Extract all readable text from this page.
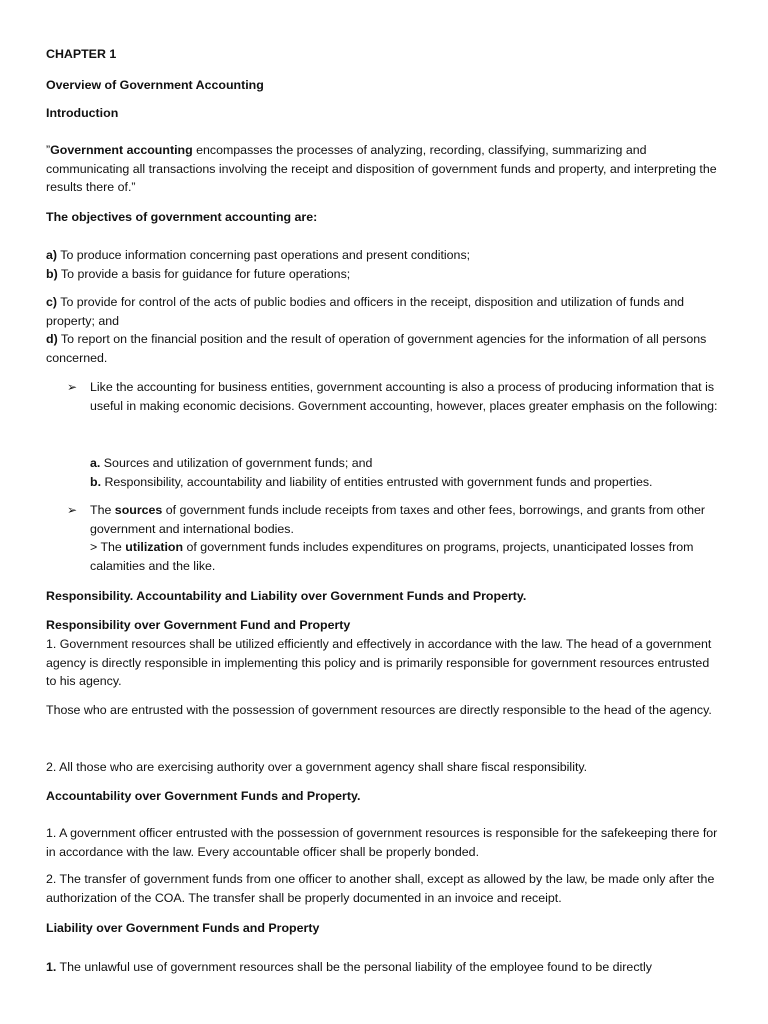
CHAPTER 1

Overview of Government Accounting

Introduction

”Government accounting encompasses the processes of analyzing, recording, classifying, summarizing and communicating all transactions involving the receipt and disposition of government funds and property, and interpreting the results there of.”

The objectives of government accounting are:

a) To produce information concerning past operations and present conditions;
b) To provide a basis for guidance for future operations;
c) To provide for control of the acts of public bodies and officers in the receipt, disposition and utilization of funds and property; and
d) To report on the financial position and the result of operation of government agencies for the information of all persons concerned.
➢	Like the accounting for business entities, government accounting is also a process of producing information that is useful in making economic decisions. Government accounting, however, places greater emphasis on the following:

a. Sources and utilization of government funds; and
b. Responsibility, accountability and liability of entities entrusted with government funds and properties.
➢	The sources of government funds include receipts from taxes and other fees, borrowings, and grants from other government and international bodies.
> The utilization of government funds includes expenditures on programs, projects, unanticipated losses from calamities and the like.

Responsibility. Accountability and Liability over Government Funds and Property.

Responsibility over Government Fund and Property

1. Government resources shall be utilized efficiently and effectively in accordance with the law. The head of a government agency is directly responsible in implementing this policy and is primarily responsible for government resources entrusted to his agency.

Those who are entrusted with the possession of government resources are directly responsible to the head of the agency.

2. All those who are exercising authority over a government agency shall share fiscal responsibility.

Accountability over Government Funds and Property.

1. A government officer entrusted with the possession of government resources is responsible for the safekeeping there for in accordance with the law. Every accountable officer shall be properly bonded.

2. The transfer of government funds from one officer to another shall, except as allowed by the law, be made only after the authorization of the COA. The transfer shall be properly documented in an invoice and receipt.

Liability over Government Funds and Property

1. The unlawful use of government resources shall be the personal liability of the employee found to be directly
